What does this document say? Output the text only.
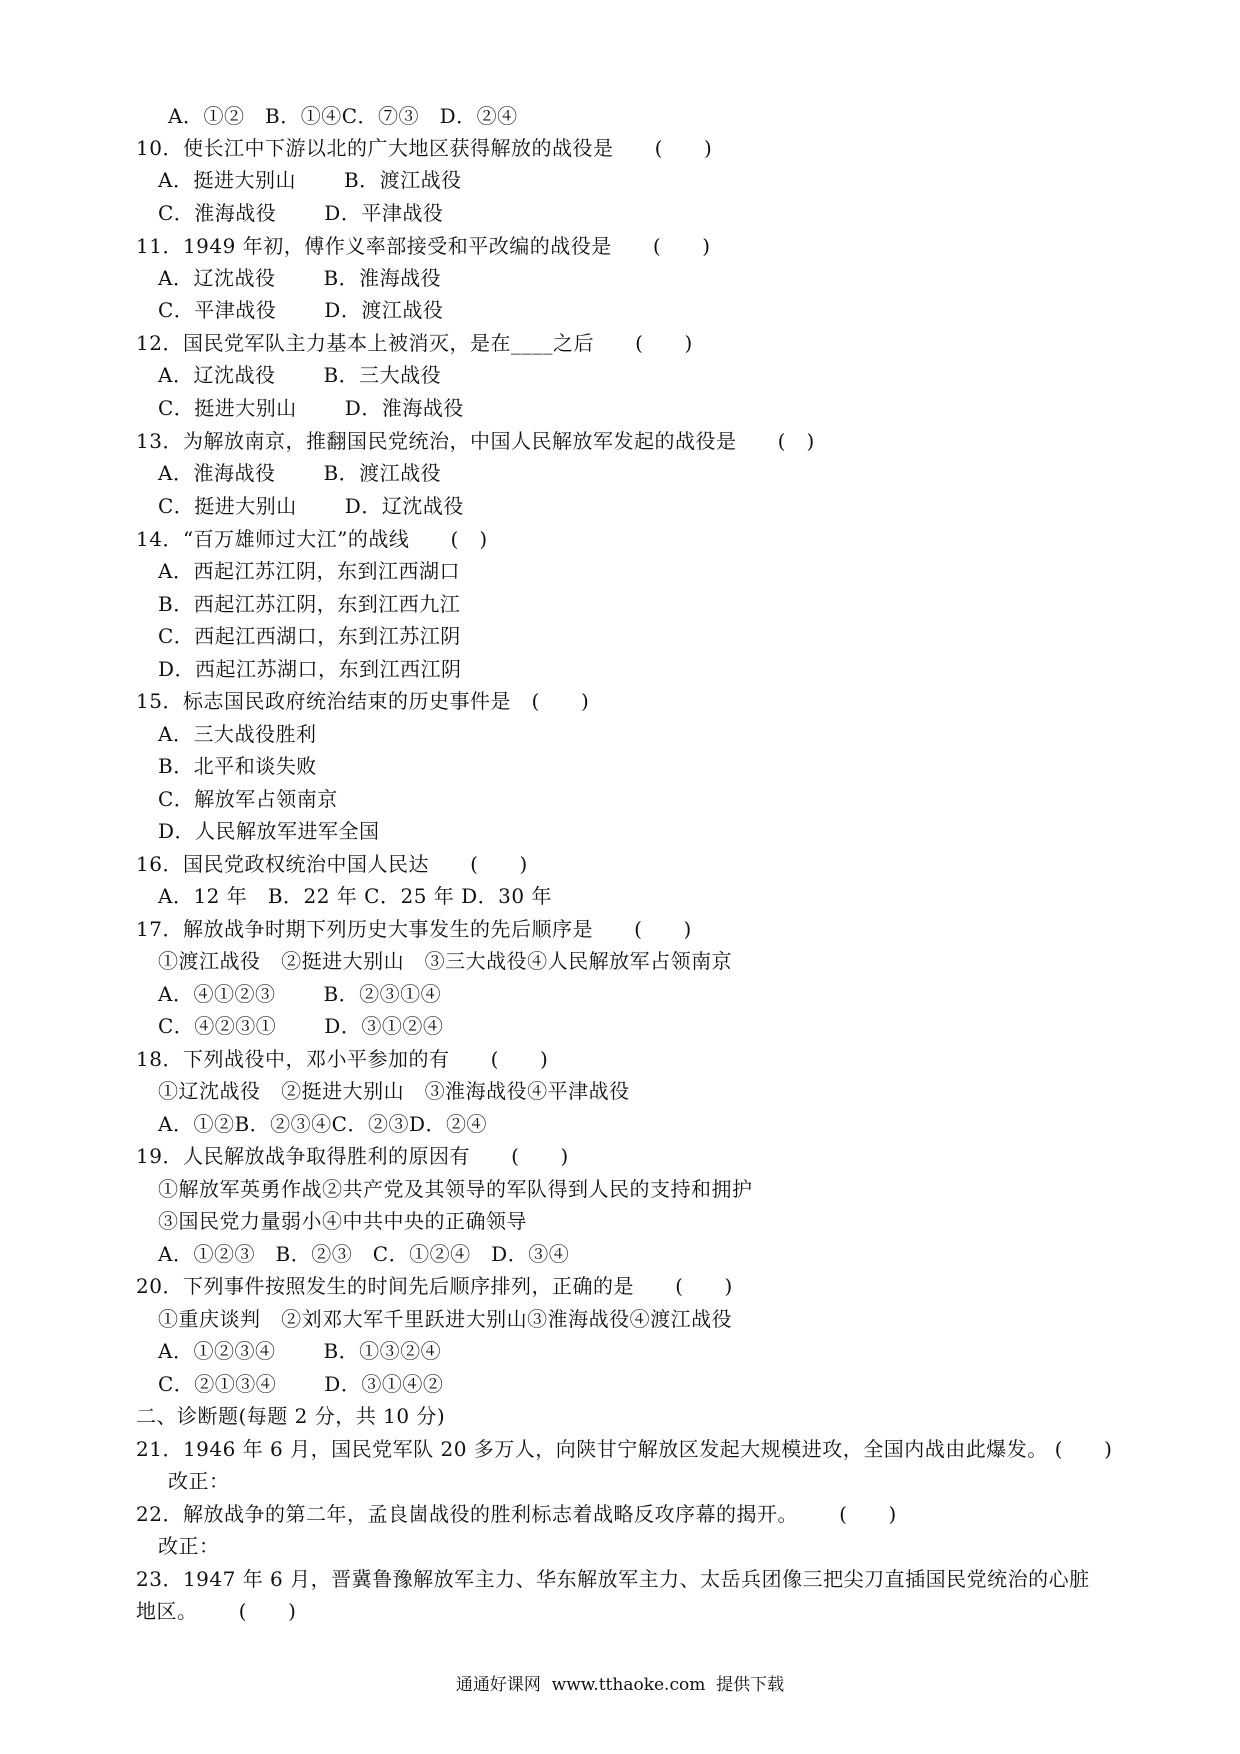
A．①②   B．①④C．⑦③   D．②④
10．使长江中下游以北的广大地区获得解放的战役是      (      )
A．挺进大别山       B．渡江战役
C．淮海战役       D．平津战役
11．1949 年初，傅作义率部接受和平改编的战役是      (      )
A．辽沈战役       B．淮海战役
C．平津战役       D．渡江战役
12．国民党军队主力基本上被消灭，是在____之后      (      )
A．辽沈战役       B．三大战役
C．挺进大别山       D．淮海战役
13．为解放南京，推翻国民党统治，中国人民解放军发起的战役是      (   )
A．淮海战役       B．渡江战役
C．挺进大别山       D．辽沈战役
14．“百万雄师过大江”的战线      (   )
A．西起江苏江阴，东到江西湖口
B．西起江苏江阴，东到江西九江
C．西起江西湖口，东到江苏江阴
D．西起江苏湖口，东到江西江阴
15．标志国民政府统治结束的历史事件是   (      )
A．三大战役胜利
B．北平和谈失败
C．解放军占领南京
D．人民解放军进军全国
16．国民党政权统治中国人民达      (      )
A．12 年   B．22 年 C．25 年 D．30 年
17．解放战争时期下列历史大事发生的先后顺序是      (      )
①渡江战役   ②挺进大别山   ③三大战役④人民解放军占领南京
A．④①②③       B．②③①④
C．④②③①       D．③①②④
18．下列战役中，邓小平参加的有      (      )
①辽沈战役   ②挺进大别山   ③淮海战役④平津战役
A．①②B．②③④C．②③D．②④
19．人民解放战争取得胜利的原因有      (      )
①解放军英勇作战②共产党及其领导的军队得到人民的支持和拥护
③国民党力量弱小④中共中央的正确领导
A．①②③   B．②③   C．①②④   D．③④
20．下列事件按照发生的时间先后顺序排列，正确的是      (      )
①重庆谈判   ②刘邓大军千里跃进大别山③淮海战役④渡江战役
A．①②③④       B．①③②④
C．②①③④       D．③①④②
二、诊断题(每题 2 分，共 10 分)
21．1946 年 6 月，国民党军队 20 多万人，向陕甘宁解放区发起大规模进攻，全国内战由此爆发。 (      )
改正：
22．解放战争的第二年，孟良崮战役的胜利标志着战略反攻序幕的揭开。      (      )
改正：
23．1947 年 6 月，晋冀鲁豫解放军主力、华东解放军主力、太岳兵团像三把尖刀直插国民党统治的心脏
地区。      (      )
通通好课网  www.tthaoke.com  提供下载
